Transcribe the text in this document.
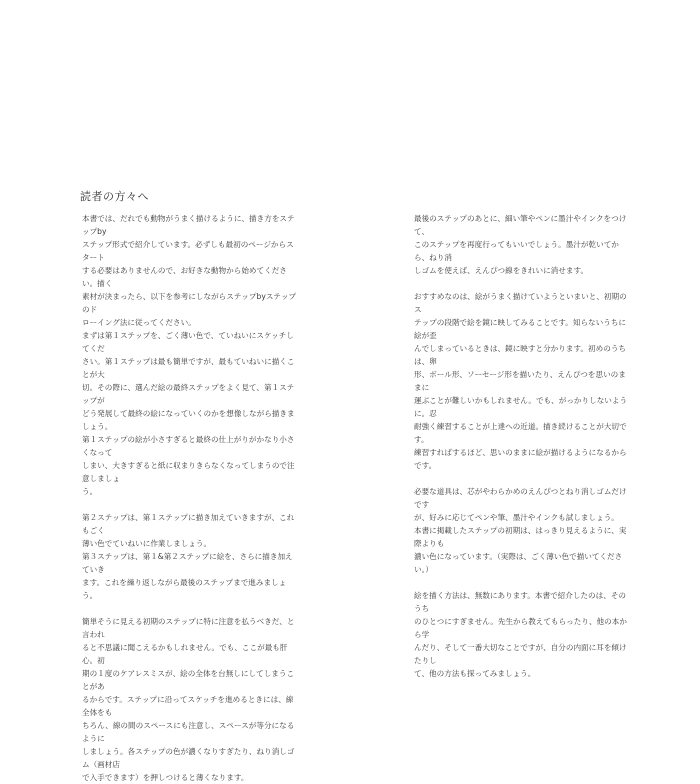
読者の方々へ

本書では、だれでも動物がうまく描けるように、描き方をステップby
ステップ形式で紹介しています。必ずしも最初のページからスタート
する必要はありませんので、お好きな動物から始めてください。描く
素材が決まったら、以下を参考にしながらステップbyステップのド
ローイング法に従ってください。

まずは第１ステップを、ごく薄い色で、ていねいにスケッチしてくだ
さい。第１ステップは最も簡単ですが、最もていねいに描くことが大
切。その際に、選んだ絵の最終ステップをよく見て、第１ステップが
どう発展して最終の絵になっていくのかを想像しながら描きましょう。
第１ステップの絵が小さすぎると最終の仕上がりがかなり小さくなって
しまい、大きすぎると紙に収まりきらなくなってしまうので注意しましょ
う。

第２ステップは、第１ステップに描き加えていきますが、これもごく
薄い色でていねいに作業しましょう。
第３ステップは、第１&第２ステップに絵を、さらに描き加えていき
ます。これを繰り返しながら最後のステップまで進みましょう。

簡単そうに見える初期のステップに特に注意を払うべきだ、と言われ
ると不思議に聞こえるかもしれません。でも、ここが最も肝心。初
期の１度のケアレスミスが、絵の全体を台無しにしてしまうことがあ
るからです。ステップに沿ってスケッチを進めるときには、線全体をも
ちろん、線の間のスペースにも注意し、スペースが等分になるように
しましょう。各ステップの色が濃くなりすぎたり、ねり消しゴム（画材店
で入手できます）を押しつけると薄くなります。

最後のステップのあとに、細い筆やペンに墨汁やインクをつけて、
このステップを再度行ってもいいでしょう。墨汁が乾いてから、ねり消
しゴムを使えば、えんぴつ線をきれいに消せます。

おすすめなのは、絵がうまく描けていようといまいと、初期のス
テップの段階で絵を鏡に映してみることです。知らないうちに絵が歪
んでしまっているときは、鏡に映すと分かります。初めのうちは、卵
形、ボール形、ソーセージ形を描いたり、えんぴつを思いのままに
運ぶことが難しいかもしれません。でも、がっかりしないように。忍
耐強く練習することが上達への近道。描き続けることが大切です。
練習すればするほど、思いのままに絵が描けるようになるからです。

必要な道具は、芯がやわらかめのえんぴつとねり消しゴムだけです
が、好みに応じてペンや筆、墨汁やインクも試しましょう。
本書に掲載したステップの初期は、はっきり見えるように、実際よりも
濃い色になっています。（実際は、ごく薄い色で描いてください。）

絵を描く方法は、無数にあります。本書で紹介したのは、そのうち
のひとつにすぎません。先生から教えてもらったり、他の本から学
んだり、そして一番大切なことですが、自分の内面に耳を傾けたりし
て、他の方法も探ってみましょう。
